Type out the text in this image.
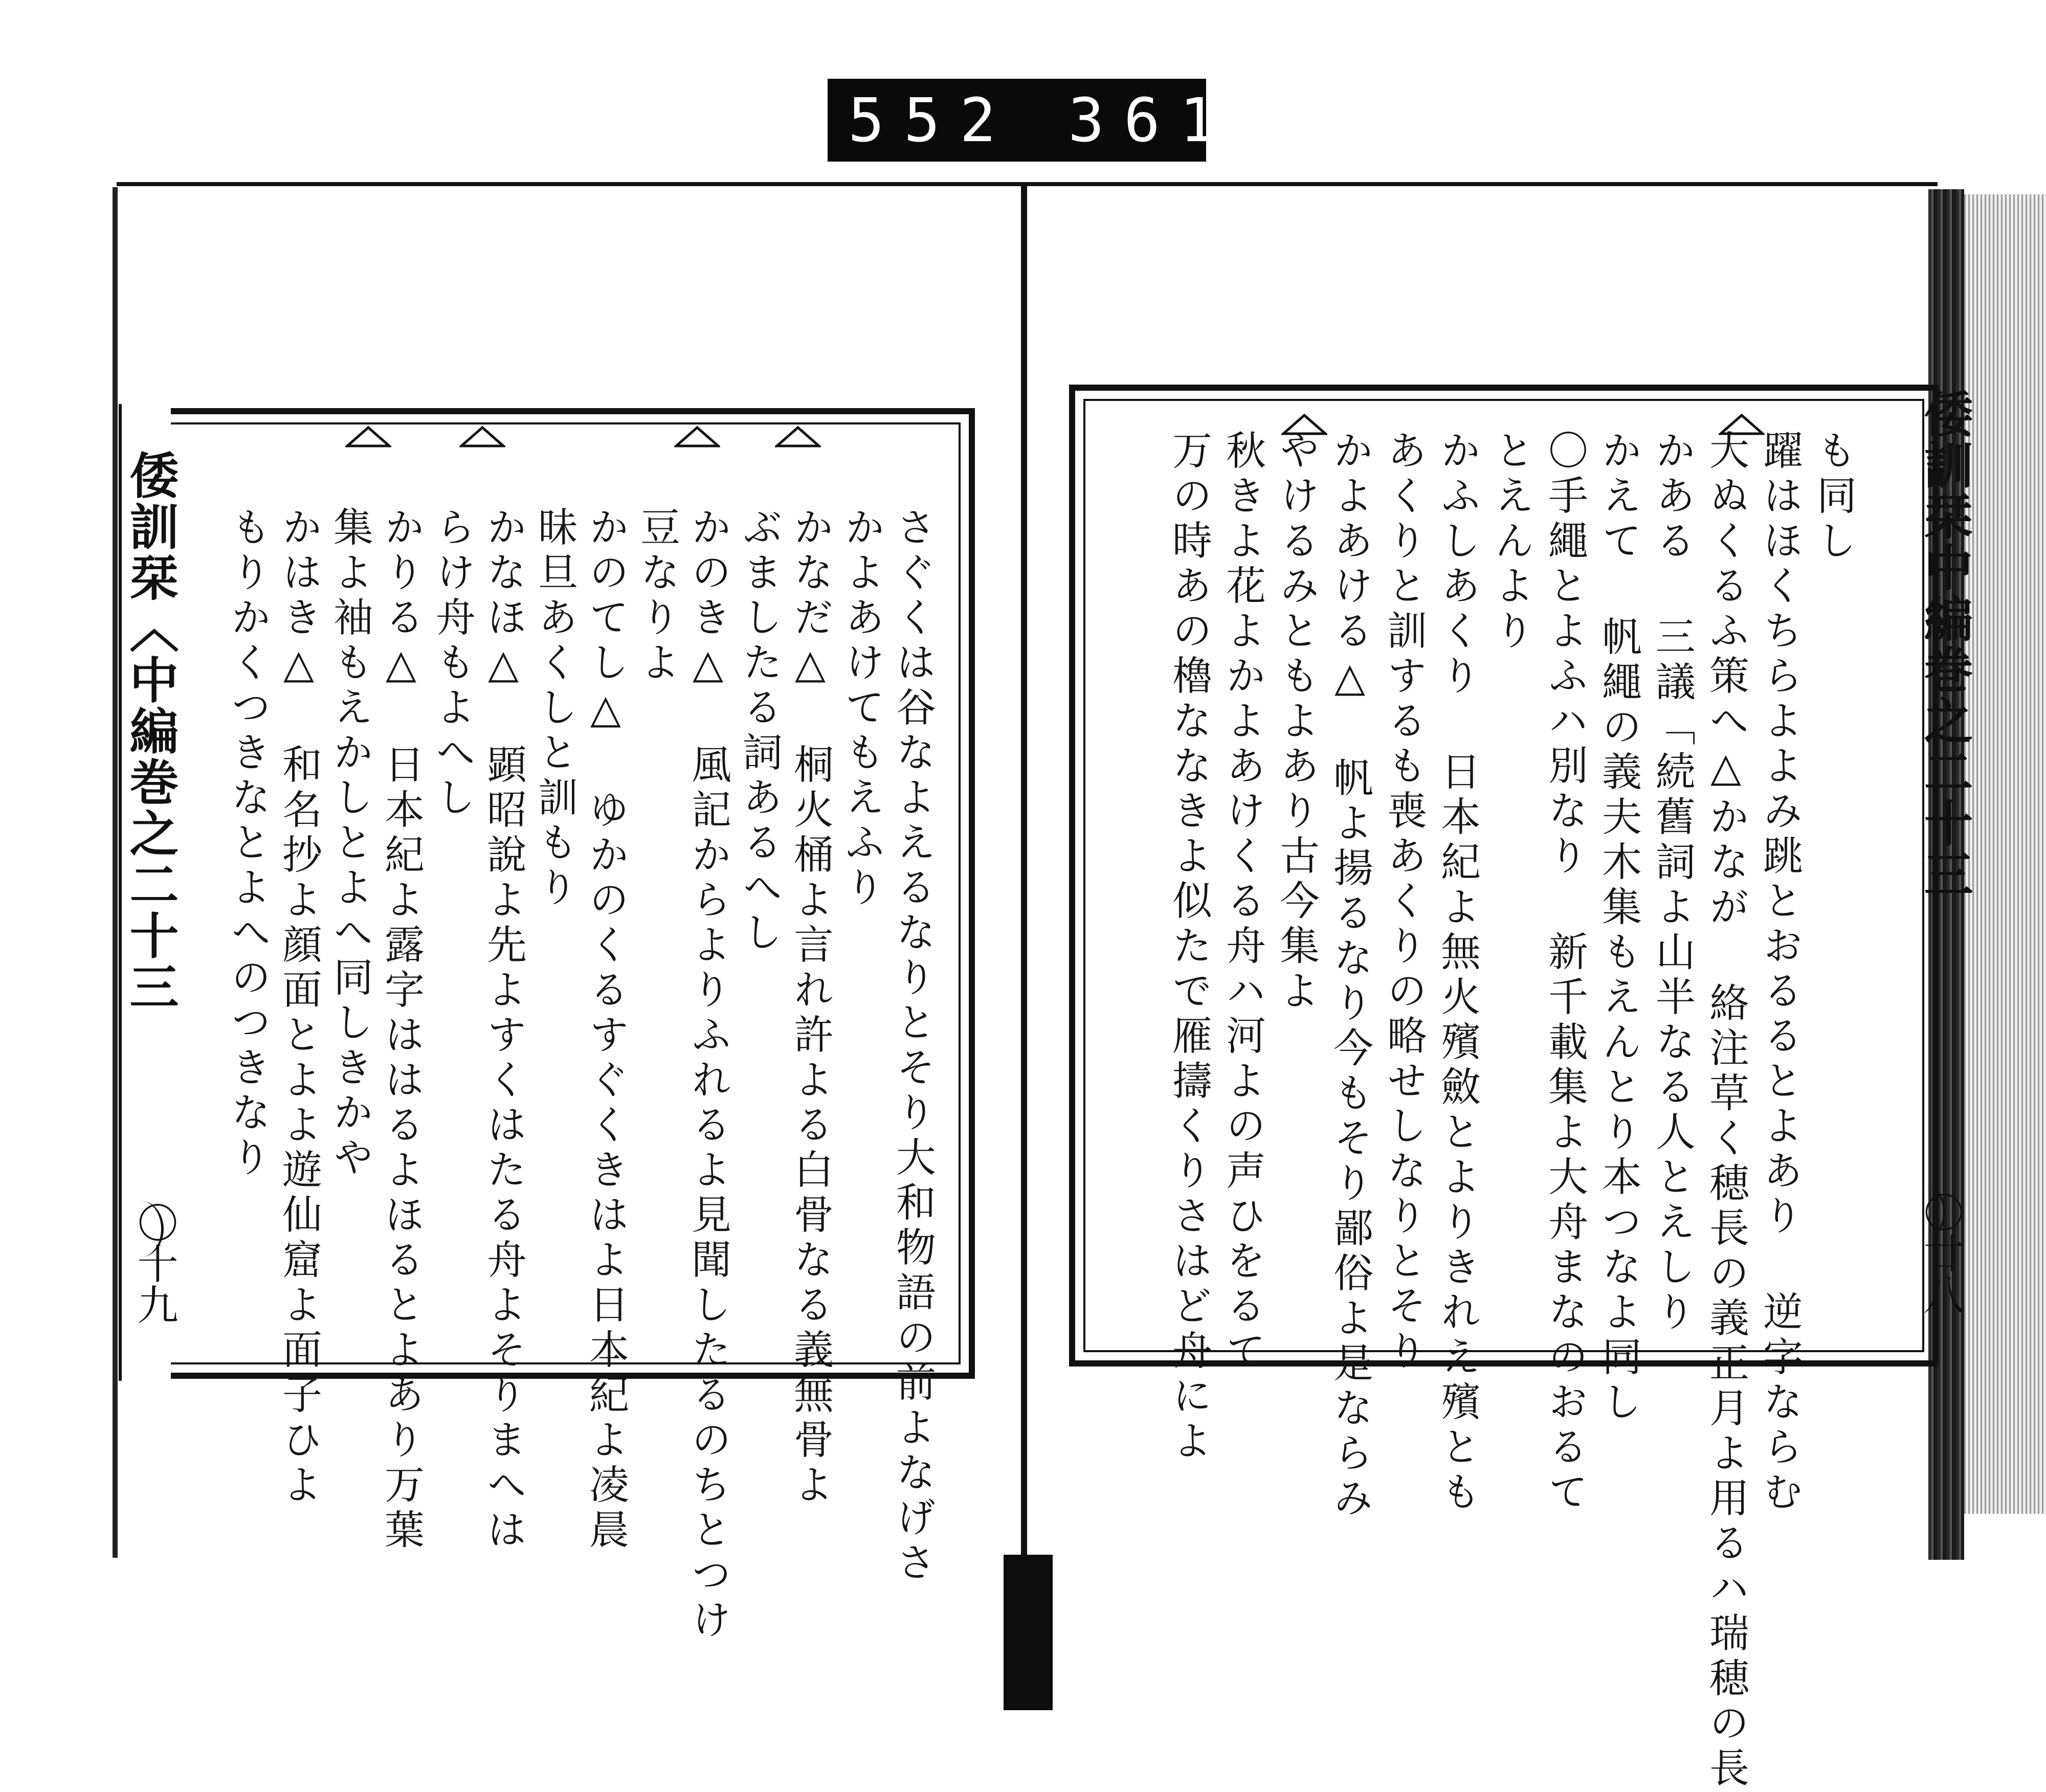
552 361.
倭訓栞〈中編巻之二十三
〇十九	さぐくは谷なよえるなりとそり大和物語の前よなげさ
かよあけてもえふり
かなだ△ 桐火桶よ言れ許よる白骨なる義無骨よ
ぶましたる詞あるへし
かのき△ 風記からよりふれるよ見聞したるのちとつけ
豆なりよ
かのてし△ ゆかのくるすぐくきはよ日本紀よ凌晨
昧旦あくしと訓もり
かなほ△ 顕昭說よ先よすくはたる舟よそりまへは
らけ舟もよへし
かりる△ 日本紀よ露字ははるよほるとよあり万葉
集よ袖もえかしとよへ同しきかや
かはき△ 和名抄よ顔面とよよ遊仙窟よ面子ひよ
もりかくつきなとよへのつきなり	倭訓栞中編巻之二十三
〇廿八
も同し
躍はほくちらよよみ跳とおるるとよあり 逆字ならむ
大ぬくるふ策へ△かなが 絡注草く穂長の義正月よ用るハ瑞穂の長
かある 三議「続舊詞よ山半なる人とえしり
かえて 帆繩の義夫木集もえんとり本つなよ同し
〇手繩とよふハ別なり 新千載集よ大舟まなのおるて
とえんより
かふしあくり 日本紀よ無火殯斂とよりきれえ殯とも
あくりと訓するも喪あくりの略せしなりとそり
かよあける△ 帆よ揚るなり今もそり鄙俗よ是ならみ
やけるみともよあり古今集よ
秋きよ花よかよあけくる舟ハ河よの声ひをるて
万の時あの櫓ななきよ似たで雁擣くりさはど舟によ
